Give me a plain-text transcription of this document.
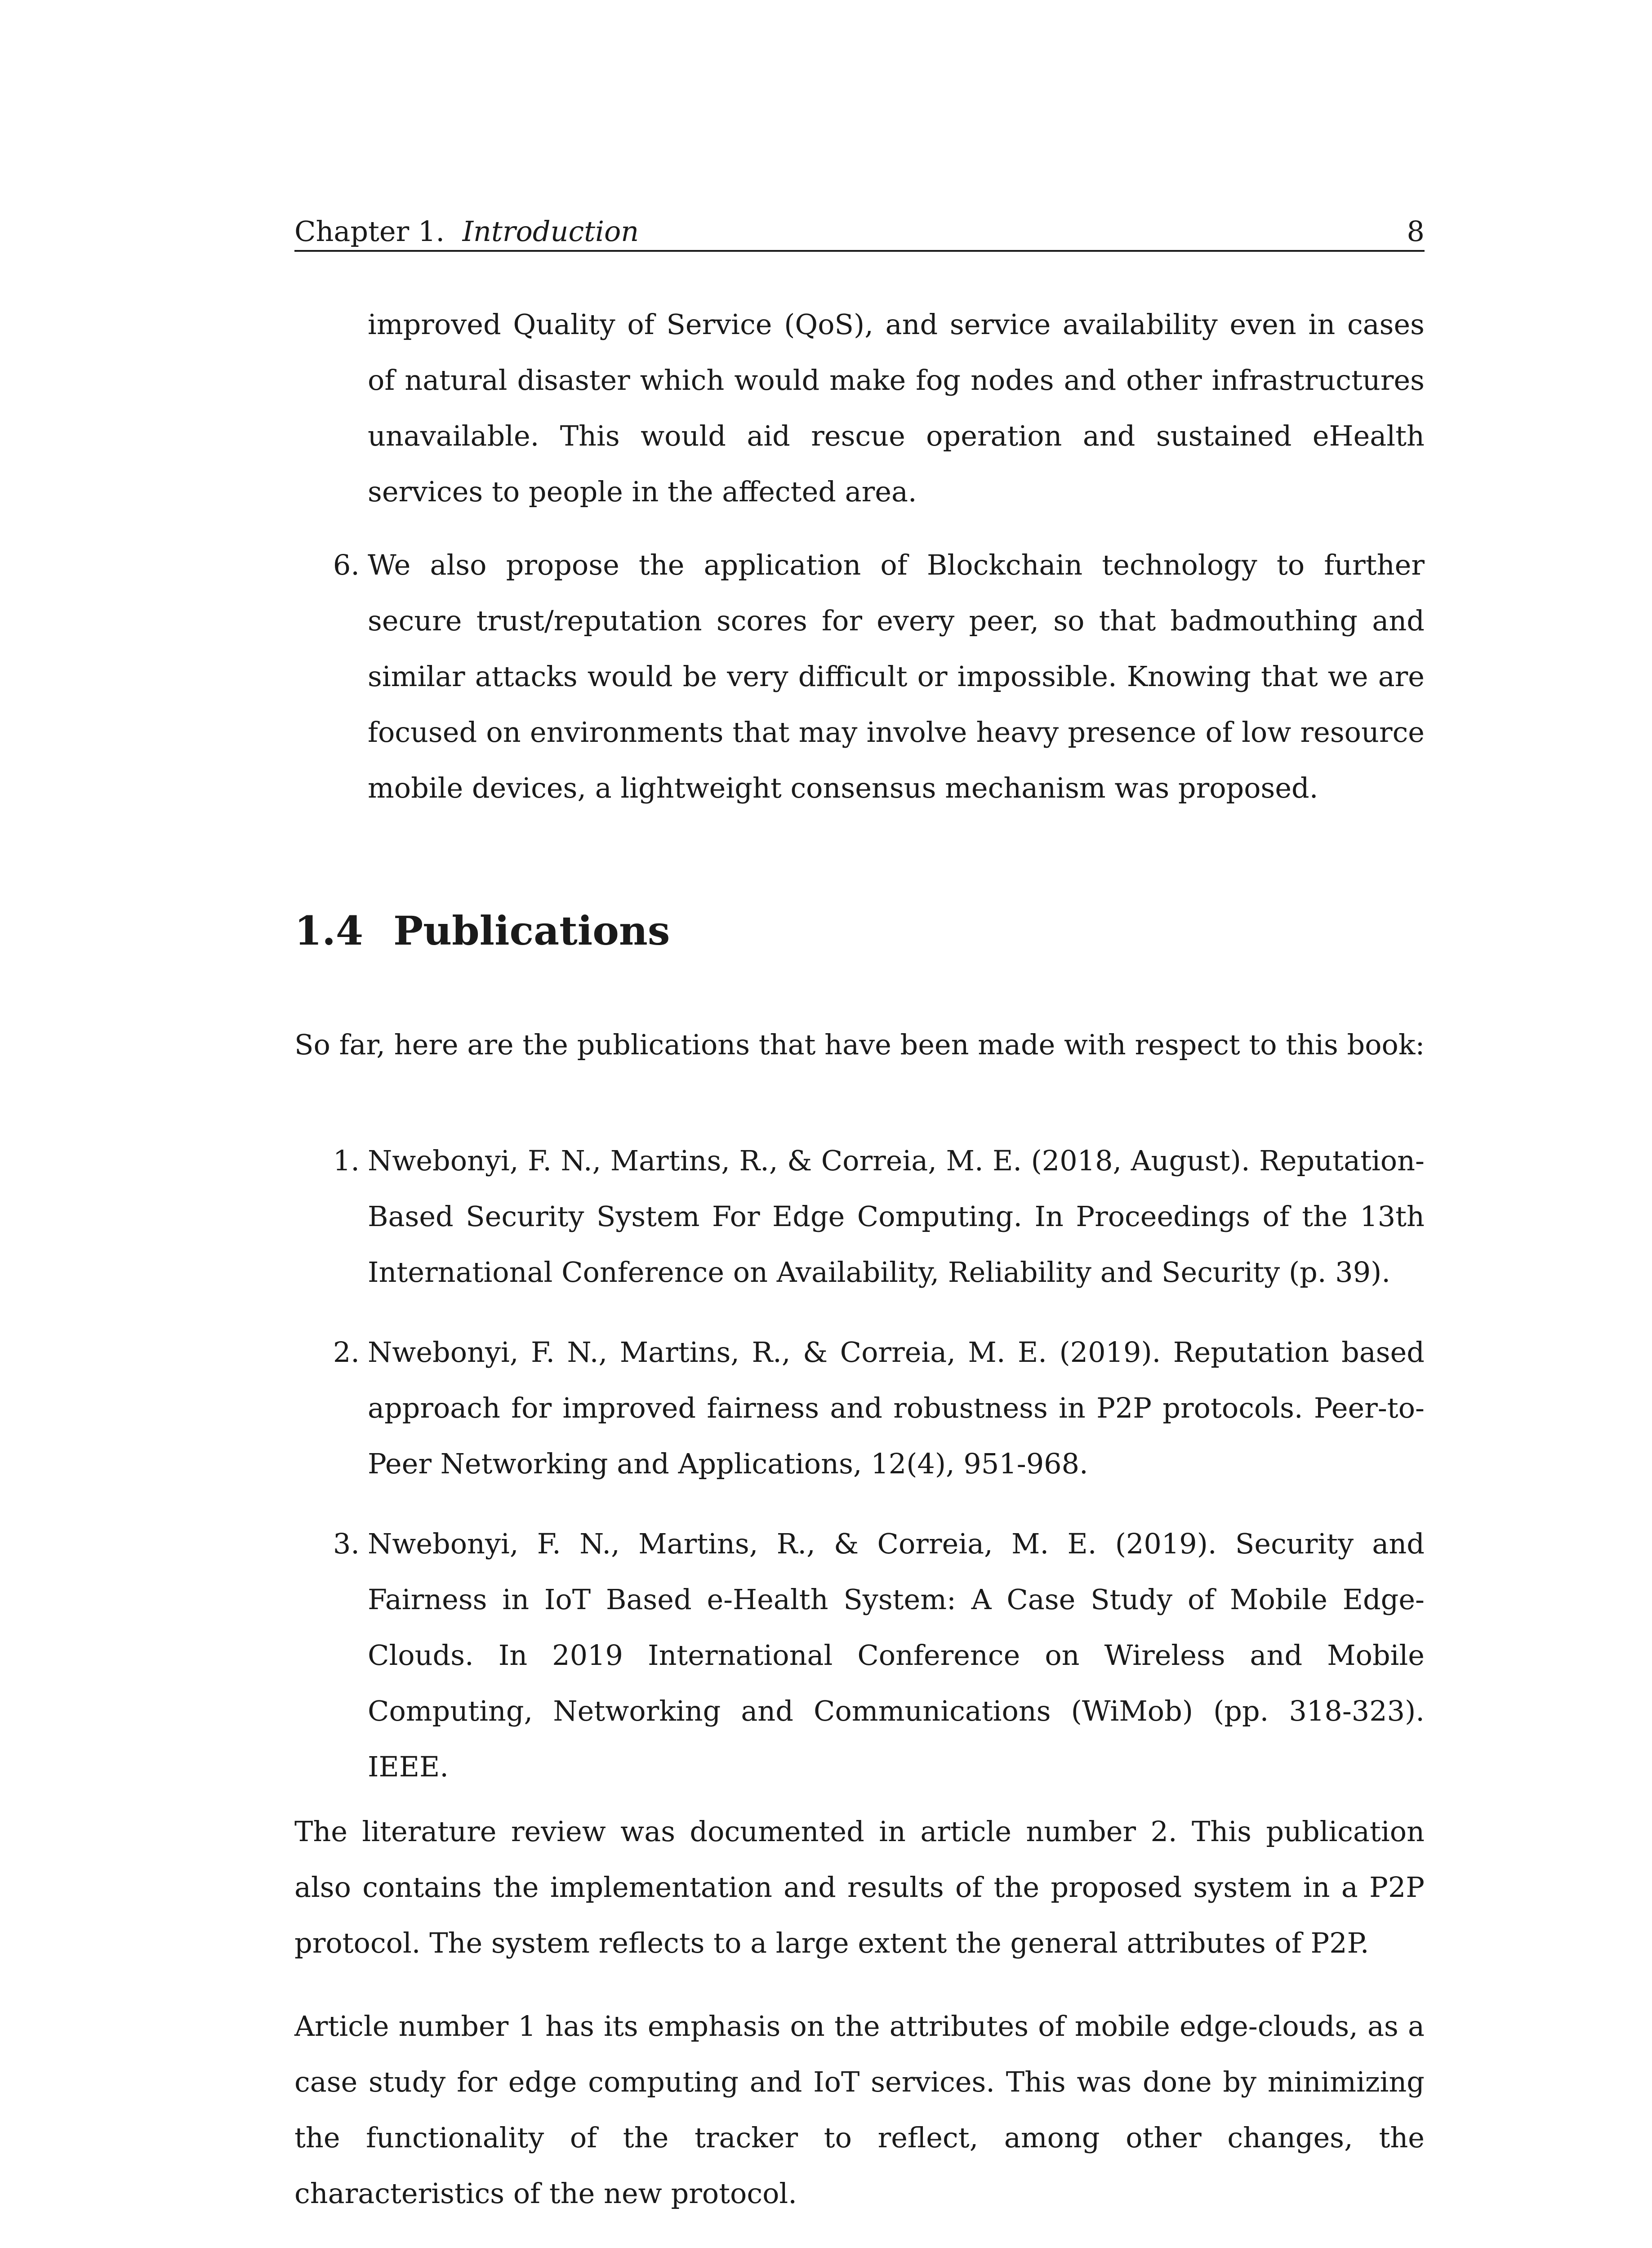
Chapter 1. Introduction	8

improved Quality of Service (QoS), and service availability even in cases of natural disaster which would make fog nodes and other infrastructures unavailable. This would aid rescue operation and sustained eHealth services to people in the affected area.

6. We also propose the application of Blockchain technology to further secure trust/reputation scores for every peer, so that badmouthing and similar attacks would be very difficult or impossible. Knowing that we are focused on environments that may involve heavy presence of low resource mobile devices, a lightweight consensus mechanism was proposed.

1.4 Publications

So far, here are the publications that have been made with respect to this book:

1. Nwebonyi, F. N., Martins, R., & Correia, M. E. (2018, August). Reputation-Based Security System For Edge Computing. In Proceedings of the 13th International Conference on Availability, Reliability and Security (p. 39).

2. Nwebonyi, F. N., Martins, R., & Correia, M. E. (2019). Reputation based approach for improved fairness and robustness in P2P protocols. Peer-to-Peer Networking and Applications, 12(4), 951-968.

3. Nwebonyi, F. N., Martins, R., & Correia, M. E. (2019). Security and Fairness in IoT Based e-Health System: A Case Study of Mobile Edge-Clouds. In 2019 International Conference on Wireless and Mobile Computing, Networking and Communications (WiMob) (pp. 318-323). IEEE.

The literature review was documented in article number 2. This publication also contains the implementation and results of the proposed system in a P2P protocol. The system reflects to a large extent the general attributes of P2P.

Article number 1 has its emphasis on the attributes of mobile edge-clouds, as a case study for edge computing and IoT services. This was done by minimizing the functionality of the tracker to reflect, among other changes, the characteristics of the new protocol.
